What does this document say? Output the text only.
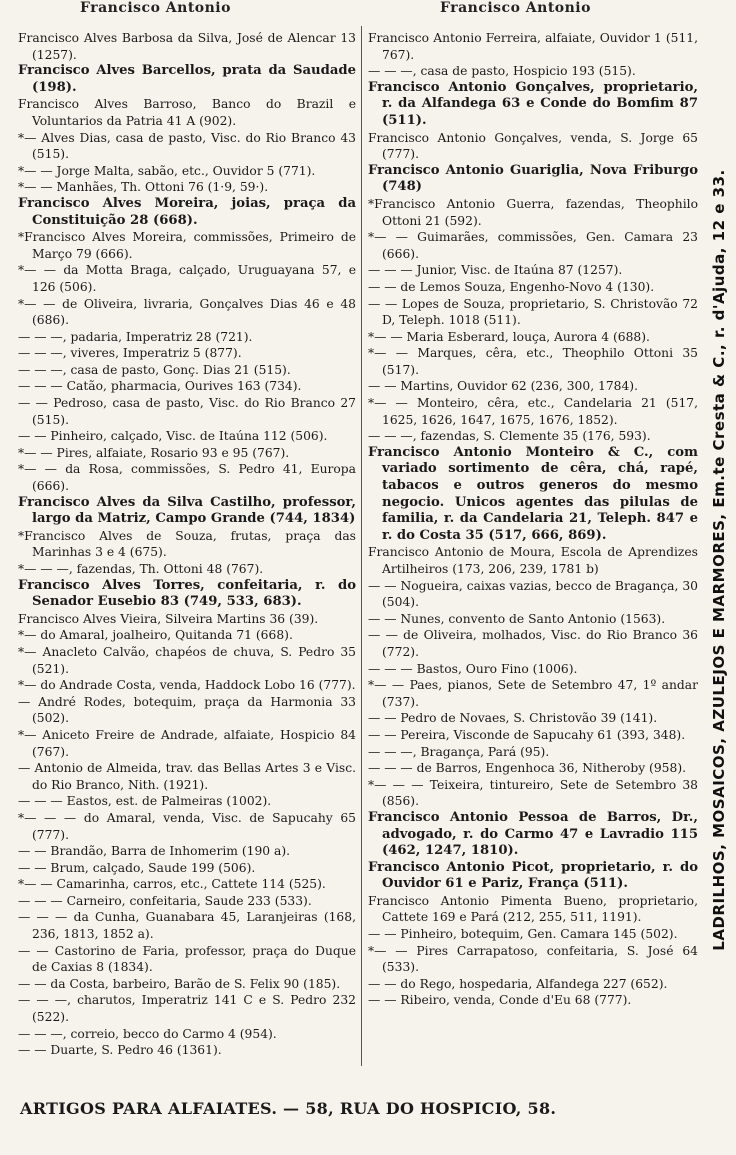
Francisco Antonio	Francisco Antonio

Francisco Alves Barbosa da Silva, José de Alencar 13 (1257).

Francisco Alves Barcellos, prata da Saudade (198).

Francisco Alves Barroso, Banco do Brazil e Voluntarios da Patria 41 A (902).

*— Alves Dias, casa de pasto, Visc. do Rio Branco 43 (515).

*— — Jorge Malta, sabão, etc., Ouvidor 5 (771).

*— — Manhães, Th. Ottoni 76 (1·9, 59·).

Francisco Alves Moreira, joias, praça da Constituição 28 (668).

*Francisco Alves Moreira, commissões, Primeiro de Março 79 (666).

*— — da Motta Braga, calçado, Uruguayana 57, e 126 (506).

*— — de Oliveira, livraria, Gonçalves Dias 46 e 48 (686).

— — —, padaria, Imperatriz 28 (721).

— — —, viveres, Imperatriz 5 (877).

— — —, casa de pasto, Gonç. Dias 21 (515).

— — — Catão, pharmacia, Ourives 163 (734).

— — Pedroso, casa de pasto, Visc. do Rio Branco 27 (515).

— — Pinheiro, calçado, Visc. de Itaúna 112 (506).

*— — Pires, alfaiate, Rosario 93 e 95 (767).

*— — da Rosa, commissões, S. Pedro 41, Europa (666).

Francisco Alves da Silva Castilho, professor, largo da Matriz, Campo Grande (744, 1834)

*Francisco Alves de Souza, frutas, praça das Marinhas 3 e 4 (675).

*— — —, fazendas, Th. Ottoni 48 (767).

Francisco Alves Torres, confeitaria, r. do Senador Eusebio 83 (749, 533, 683).

Francisco Alves Vieira, Silveira Martins 36 (39).

*— do Amaral, joalheiro, Quitanda 71 (668).

*— Anacleto Calvão, chapéos de chuva, S. Pedro 35 (521).

*— do Andrade Costa, venda, Haddock Lobo 16 (777).

— André Rodes, botequim, praça da Harmonia 33 (502).

*— Aniceto Freire de Andrade, alfaiate, Hospicio 84 (767).

— Antonio de Almeida, trav. das Bellas Artes 3 e Visc. do Rio Branco, Nith. (1921).

— — — Eastos, est. de Palmeiras (1002).

*— — — do Amaral, venda, Visc. de Sapucahy 65 (777).

— — Brandão, Barra de Inhomerim (190 a).

— — Brum, calçado, Saude 199 (506).

*— — Camarinha, carros, etc., Cattete 114 (525).

— — — Carneiro, confeitaria, Saude 233 (533).

— — — da Cunha, Guanabara 45, Laranjeiras (168, 236, 1813, 1852 a).

— — Castorino de Faria, professor, praça do Duque de Caxias 8 (1834).

— — da Costa, barbeiro, Barão de S. Felix 90 (185).

— — —, charutos, Imperatriz 141 C e S. Pedro 232 (522).

— — —, correio, becco do Carmo 4 (954).

— — Duarte, S. Pedro 46 (1361).

Francisco Antonio Ferreira, alfaiate, Ouvidor 1 (511, 767).

— — —, casa de pasto, Hospicio 193 (515).

Francisco Antonio Gonçalves, proprietario, r. da Alfandega 63 e Conde do Bomfim 87 (511).

Francisco Antonio Gonçalves, venda, S. Jorge 65 (777).

Francisco Antonio Guariglia, Nova Friburgo (748)

*Francisco Antonio Guerra, fazendas, Theophilo Ottoni 21 (592).

*— — Guimarães, commissões, Gen. Camara 23 (666).

— — — Junior, Visc. de Itaúna 87 (1257).

— — de Lemos Souza, Engenho-Novo 4 (130).

— — Lopes de Souza, proprietario, S. Christovão 72 D, Teleph. 1018 (511).

*— — Maria Esberard, louça, Aurora 4 (688).

*— — Marques, cêra, etc., Theophilo Ottoni 35 (517).

— — Martins, Ouvidor 62 (236, 300, 1784).

*— — Monteiro, cêra, etc., Candelaria 21 (517, 1625, 1626, 1647, 1675, 1676, 1852).

— — —, fazendas, S. Clemente 35 (176, 593).

Francisco Antonio Monteiro & C., com variado sortimento de cêra, chá, rapé, tabacos e outros generos do mesmo negocio. Unicos agentes das pilulas de familia, r. da Candelaria 21, Teleph. 847 e r. do Costa 35 (517, 666, 869).

Francisco Antonio de Moura, Escola de Aprendizes Artilheiros (173, 206, 239, 1781 b)

— — Nogueira, caixas vazias, becco de Bragança, 30 (504).

— — Nunes, convento de Santo Antonio (1563).

— — de Oliveira, molhados, Visc. do Rio Branco 36 (772).

— — — Bastos, Ouro Fino (1006).

*— — Paes, pianos, Sete de Setembro 47, 1º andar (737).

— — Pedro de Novaes, S. Christovão 39 (141).

— — Pereira, Visconde de Sapucahy 61 (393, 348).

— — —, Bragança, Pará (95).

— — — de Barros, Engenhoca 36, Nitheroby (958).

*— — — Teixeira, tintureiro, Sete de Setembro 38 (856).

Francisco Antonio Pessoa de Barros, Dr., advogado, r. do Carmo 47 e Lavradio 115 (462, 1247, 1810).

Francisco Antonio Picot, proprietario, r. do Ouvidor 61 e Pariz, França (511).

Francisco Antonio Pimenta Bueno, proprietario, Cattete 169 e Pará (212, 255, 511, 1191).

— — Pinheiro, botequim, Gen. Camara 145 (502).

*— — Pires Carrapatoso, confeitaria, S. José 64 (533).

— — do Rego, hospedaria, Alfandega 227 (652).

— — Ribeiro, venda, Conde d'Eu 68 (777).

LADRILHOS, MOSAICOS, AZULEJOS E MARMORES, Em.te Cresta & C., r. d'Ajuda, 12 e 33.
ARTIGOS PARA ALFAIATES. — 58, RUA DO HOSPICIO, 58.
